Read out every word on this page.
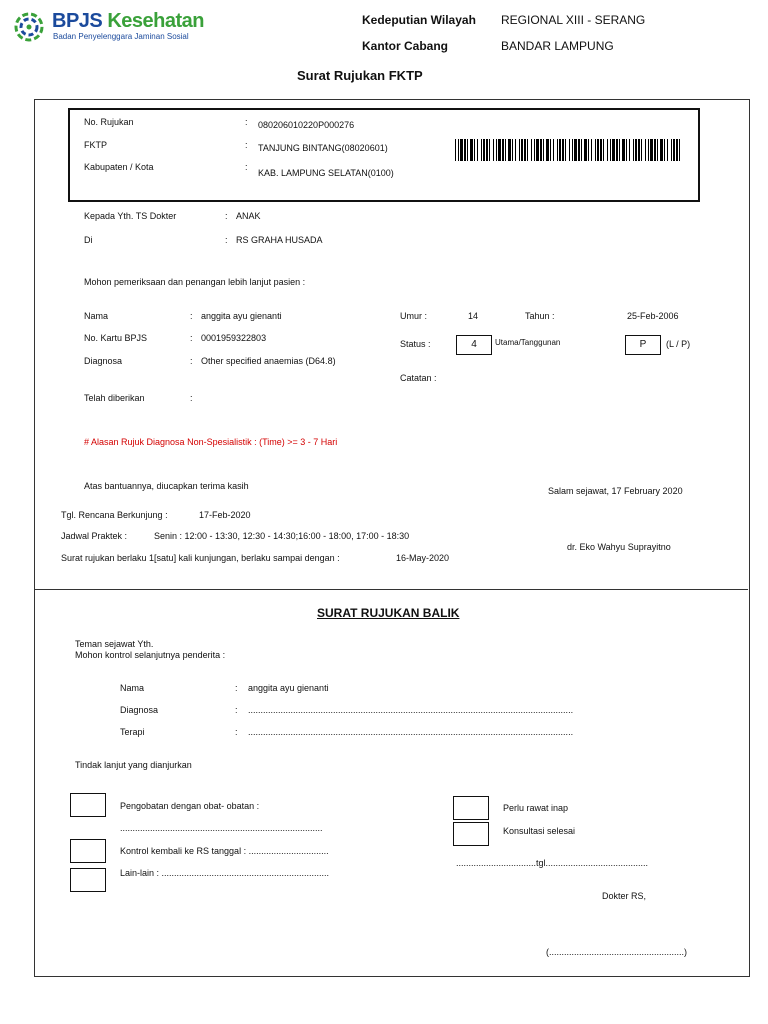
BPJS Kesehatan
Badan Penyelenggara Jaminan Sosial
Kedeputian Wilayah REGIONAL XIII - SERANG
Kantor Cabang	BANDAR LAMPUNG
Surat Rujukan FKTP
No. Rujukan	: 080206010220P000276
FKTP	: TANJUNG BINTANG(08020601)
Kabupaten / Kota	:
KAB. LAMPUNG SELATAN(0100)
Kepada Yth. TS Dokter	: ANAK
Di	: RS GRAHA HUSADA
Mohon pemeriksaan dan penangan lebih lanjut pasien :
Nama	: anggita ayu gienanti
No. Kartu BPJS	: 0001959322803
Diagnosa	: Other specified anaemias (D64.8)
Telah diberikan	:
Umur :	14	Tahun :	25-Feb-2006
Status :	4	Utama/Tanggunan	P	(L / P)
Catatan :
# Alasan Rujuk Diagnosa Non-Spesialistik : (Time) >= 3 - 7 Hari
Atas bantuannya, diucapkan terima kasih	Salam sejawat, 17 February 2020
Tgl. Rencana Berkunjung :	17-Feb-2020
Jadwal Praktek :	Senin : 12:00 - 13:30, 12:30 - 14:30;16:00 - 18:00, 17:00 - 18:30
dr. Eko Wahyu Suprayitno
Surat rujukan berlaku 1[satu] kali kunjungan, berlaku sampai dengan :	16-May-2020
SURAT RUJUKAN BALIK
Teman sejawat Yth.
Mohon kontrol selanjutnya penderita :
Nama	: anggita ayu gienanti
Diagnosa	: ..................................................................................................................................
Terapi	: ..................................................................................................................................
Tindak lanjut yang dianjurkan
Pengobatan dengan obat- obatan :
.................................................................................
Kontrol kembali ke RS tanggal : ................................
Lain-lain : ...................................................................
Perlu rawat inap
Konsultasi selesai
................................tgl.........................................
Dokter RS,
(......................................................)
